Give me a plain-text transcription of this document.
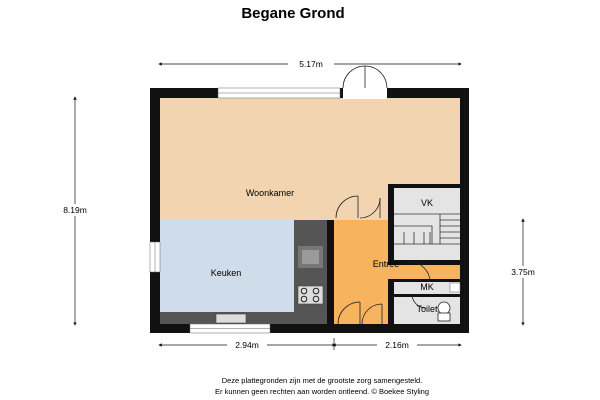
Begane Grond
Woonkamer
Keuken
Entree
VK
MK
Toilet
5.17m
8.19m
3.75m
2.94m	2.16m
Deze plattegronden zijn met de grootste zorg samengesteld.
Er kunnen geen rechten aan worden ontleend. © Boekee Styling
